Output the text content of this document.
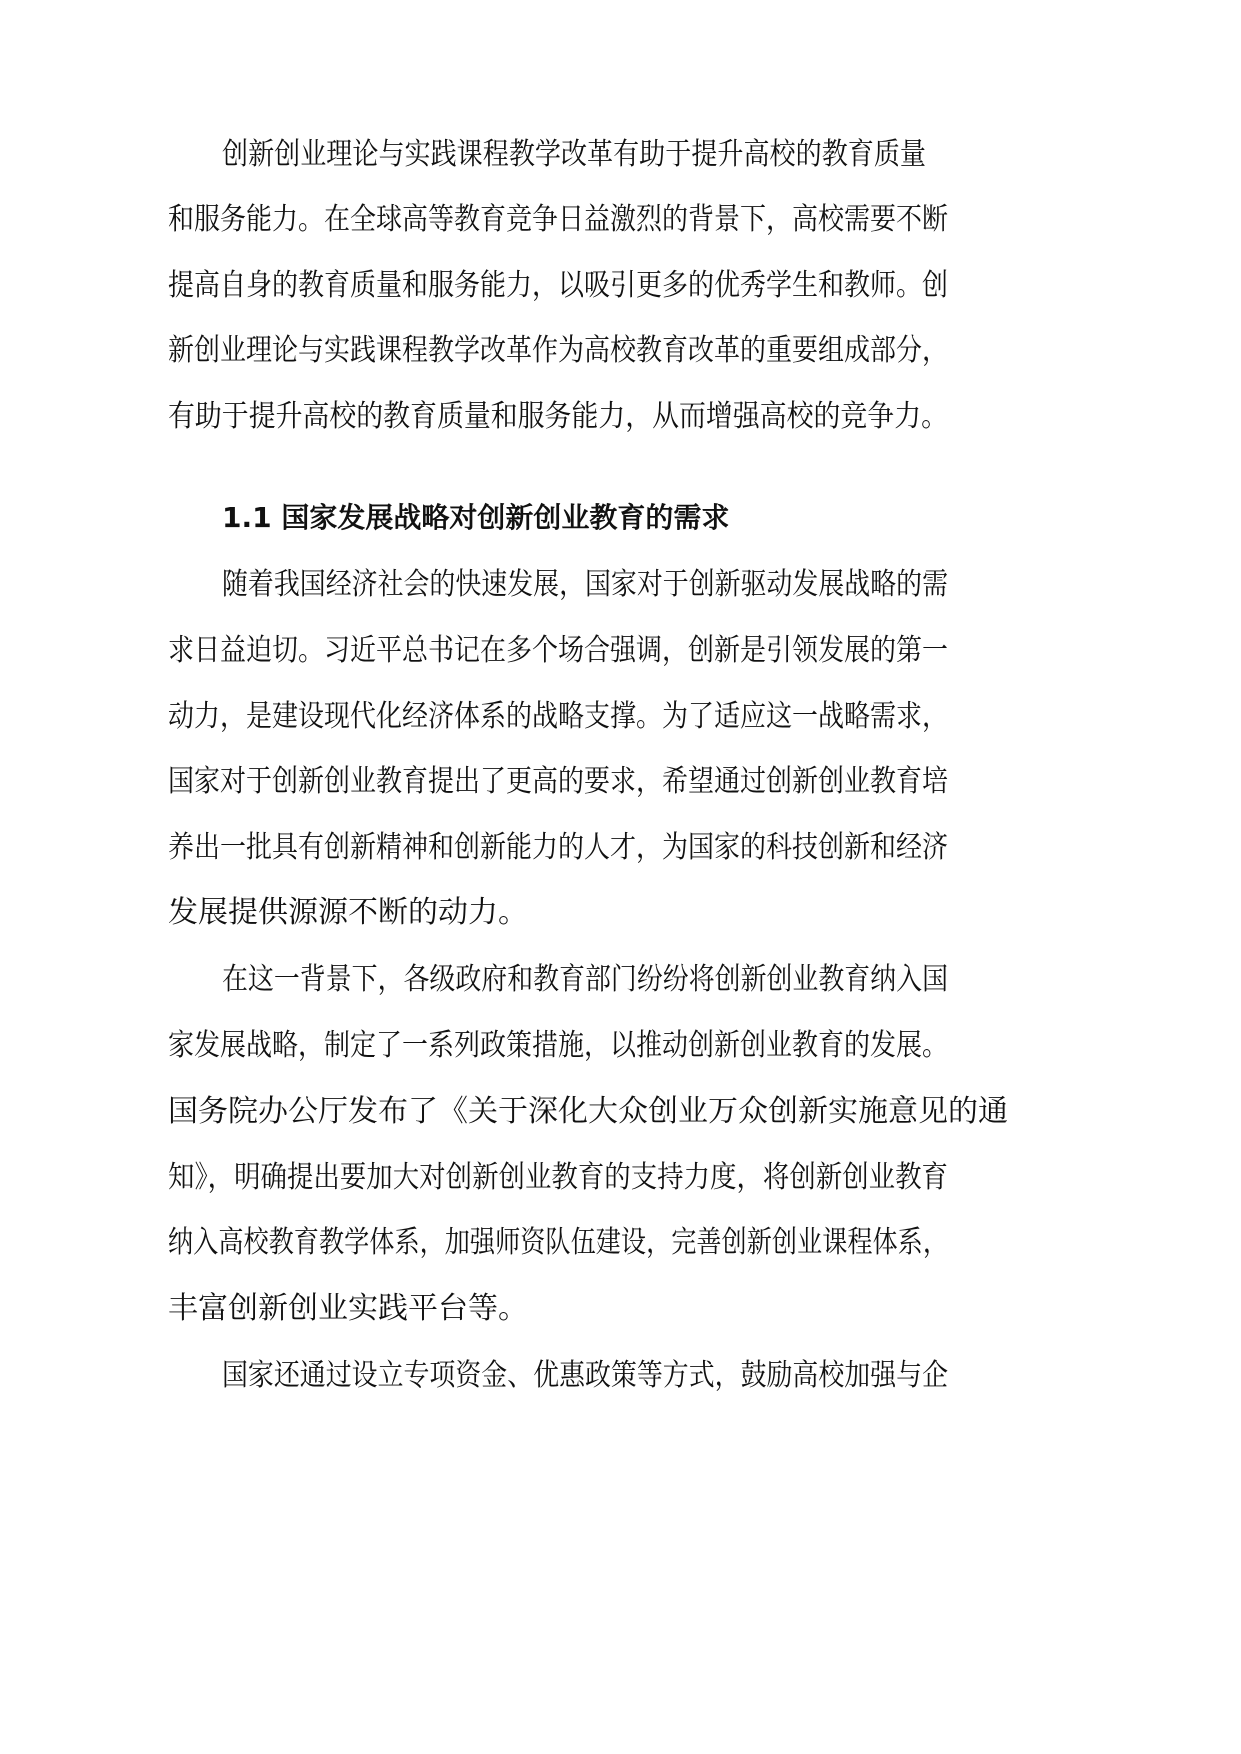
创新创业理论与实践课程教学改革有助于提升高校的教育质量
和服务能力。在全球高等教育竞争日益激烈的背景下，高校需要不断
提高自身的教育质量和服务能力，以吸引更多的优秀学生和教师。创
新创业理论与实践课程教学改革作为高校教育改革的重要组成部分，
有助于提升高校的教育质量和服务能力，从而增强高校的竞争力。
1.1 国家发展战略对创新创业教育的需求
随着我国经济社会的快速发展，国家对于创新驱动发展战略的需
求日益迫切。习近平总书记在多个场合强调，创新是引领发展的第一
动力，是建设现代化经济体系的战略支撑。为了适应这一战略需求，
国家对于创新创业教育提出了更高的要求，希望通过创新创业教育培
养出一批具有创新精神和创新能力的人才，为国家的科技创新和经济
发展提供源源不断的动力。
在这一背景下，各级政府和教育部门纷纷将创新创业教育纳入国
家发展战略，制定了一系列政策措施，以推动创新创业教育的发展。
国务院办公厅发布了《关于深化大众创业万众创新实施意见的通
知》，明确提出要加大对创新创业教育的支持力度，将创新创业教育
纳入高校教育教学体系，加强师资队伍建设，完善创新创业课程体系，
丰富创新创业实践平台等。
国家还通过设立专项资金、优惠政策等方式，鼓励高校加强与企
